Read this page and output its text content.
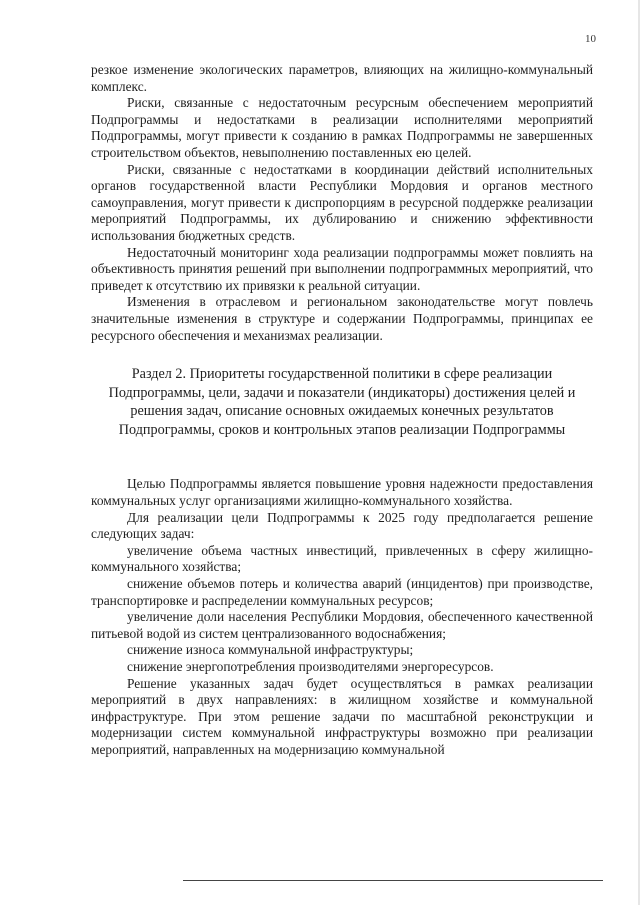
10

резкое изменение экологических параметров, влияющих на жилищно-коммунальный комплекс.

Риски, связанные с недостаточным ресурсным обеспечением мероприятий Подпрограммы и недостатками в реализации исполнителями мероприятий Подпрограммы, могут привести к созданию в рамках Подпрограммы не завершенных строительством объектов, невыполнению поставленных ею целей.

Риски, связанные с недостатками в координации действий исполнительных органов государственной власти Республики Мордовия и органов местного самоуправления, могут привести к диспропорциям в ресурсной поддержке реализации мероприятий Подпрограммы, их дублированию и снижению эффективности использования бюджетных средств.

Недостаточный мониторинг хода реализации подпрограммы может повлиять на объективность принятия решений при выполнении подпрограммных мероприятий, что приведет к отсутствию их привязки к реальной ситуации.

Изменения в отраслевом и региональном законодательстве могут повлечь значительные изменения в структуре и содержании Подпрограммы, принципах ее ресурсного обеспечения и механизмах реализации.

Раздел 2. Приоритеты государственной политики в сфере реализации Подпрограммы, цели, задачи и показатели (индикаторы) достижения целей и решения задач, описание основных ожидаемых конечных результатов Подпрограммы, сроков и контрольных этапов реализации Подпрограммы

Целью Подпрограммы является повышение уровня надежности предоставления коммунальных услуг организациями жилищно-коммунального хозяйства.

Для реализации цели Подпрограммы к 2025 году предполагается решение следующих задач:

увеличение объема частных инвестиций, привлеченных в сферу жилищно-коммунального хозяйства;

снижение объемов потерь и количества аварий (инцидентов) при производстве, транспортировке и распределении коммунальных ресурсов;

увеличение доли населения Республики Мордовия, обеспеченного качественной питьевой водой из систем централизованного водоснабжения;

снижение износа коммунальной инфраструктуры;

снижение энергопотребления производителями энергоресурсов.

Решение указанных задач будет осуществляться в рамках реализации мероприятий в двух направлениях: в жилищном хозяйстве и коммунальной инфраструктуре. При этом решение задачи по масштабной реконструкции и модернизации систем коммунальной инфраструктуры возможно при реализации мероприятий, направленных на модернизацию коммунальной
